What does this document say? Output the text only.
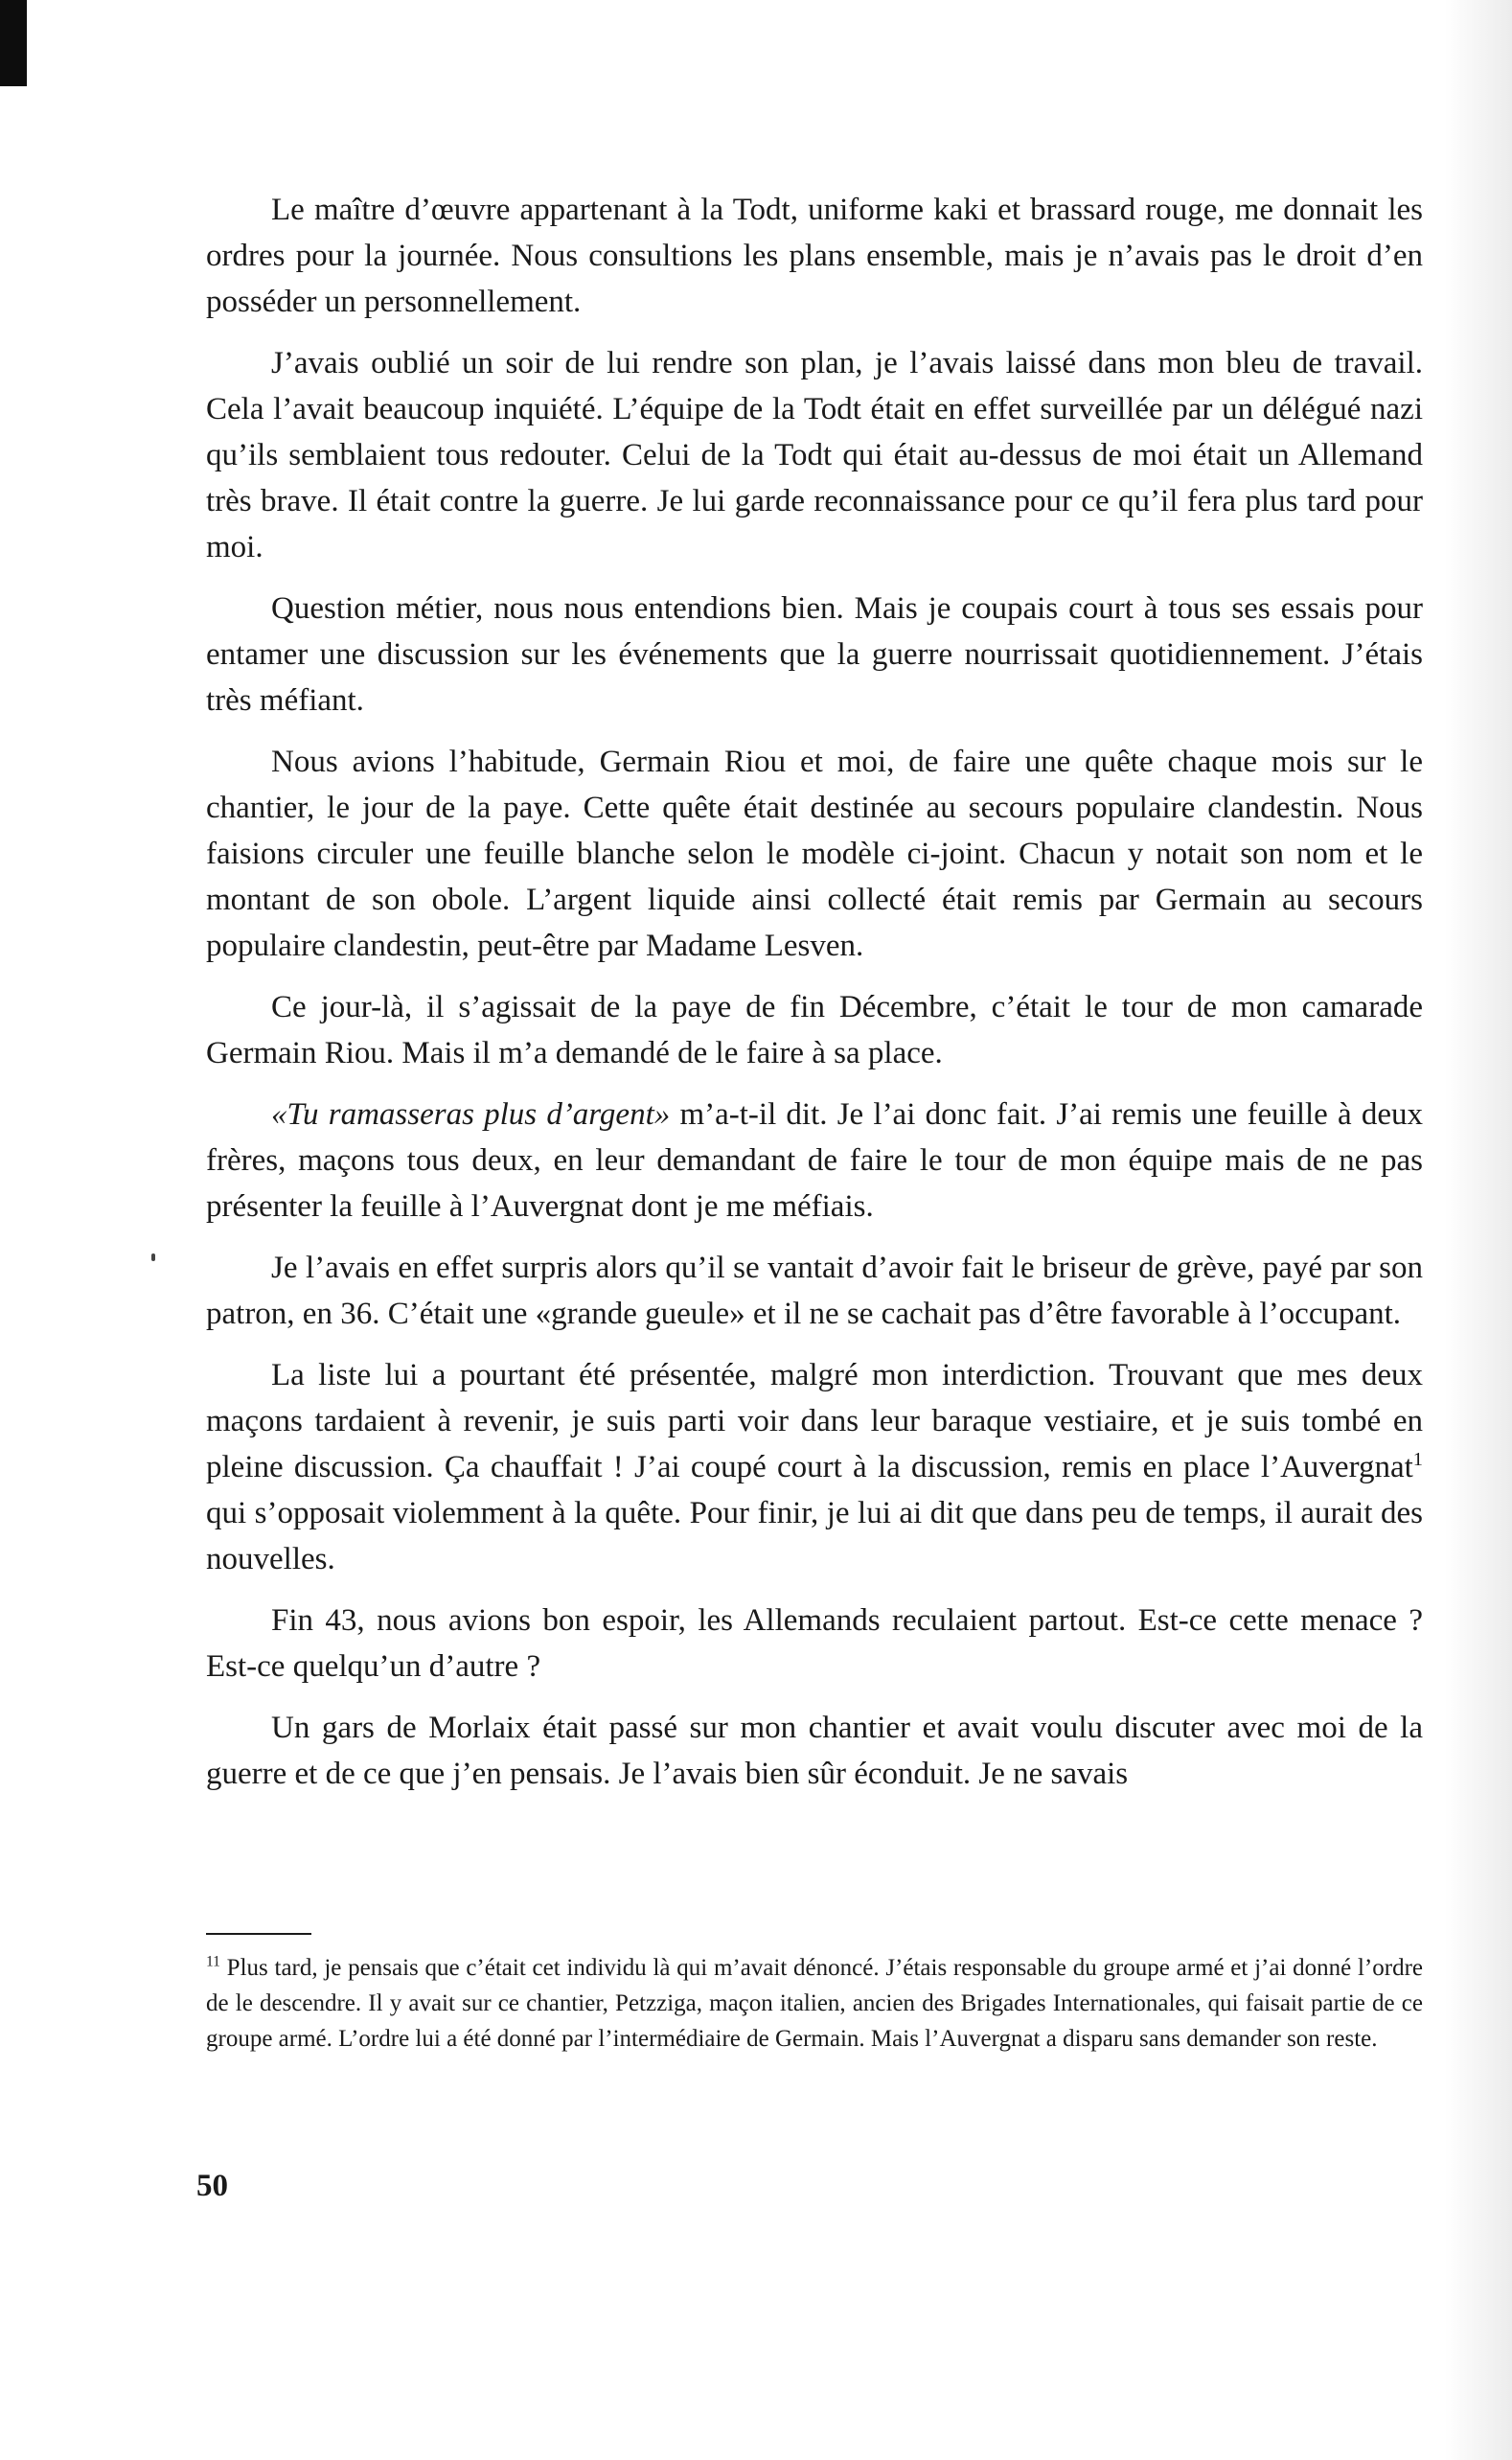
Le maître d’œuvre appartenant à la Todt, uniforme kaki et brassard rouge, me donnait les ordres pour la journée. Nous consultions les plans ensemble, mais je n’avais pas le droit d’en posséder un personnellement.

J’avais oublié un soir de lui rendre son plan, je l’avais laissé dans mon bleu de travail. Cela l’avait beaucoup inquiété. L’équipe de la Todt était en effet surveillée par un délégué nazi qu’ils semblaient tous redouter. Celui de la Todt qui était au-dessus de moi était un Allemand très brave. Il était contre la guerre. Je lui garde reconnaissance pour ce qu’il fera plus tard pour moi.

Question métier, nous nous entendions bien. Mais je coupais court à tous ses essais pour entamer une discussion sur les événements que la guerre nourrissait quotidiennement. J’étais très méfiant.

Nous avions l’habitude, Germain Riou et moi, de faire une quête chaque mois sur le chantier, le jour de la paye. Cette quête était destinée au secours populaire clandestin. Nous faisions circuler une feuille blanche selon le modèle ci-joint. Chacun y notait son nom et le montant de son obole. L’argent liquide ainsi collecté était remis par Germain au secours populaire clandestin, peut-être par Madame Lesven.

Ce jour-là, il s’agissait de la paye de fin Décembre, c’était le tour de mon camarade Germain Riou. Mais il m’a demandé de le faire à sa place.

«Tu ramasseras plus d’argent» m’a-t-il dit. Je l’ai donc fait. J’ai remis une feuille à deux frères, maçons tous deux, en leur demandant de faire le tour de mon équipe mais de ne pas présenter la feuille à l’Auvergnat dont je me méfiais.

Je l’avais en effet surpris alors qu’il se vantait d’avoir fait le briseur de grève, payé par son patron, en 36. C’était une «grande gueule» et il ne se cachait pas d’être favorable à l’occupant.

La liste lui a pourtant été présentée, malgré mon interdiction. Trouvant que mes deux maçons tardaient à revenir, je suis parti voir dans leur baraque vestiaire, et je suis tombé en pleine discussion. Ça chauffait ! J’ai coupé court à la discussion, remis en place l’Auvergnat$^1$ qui s’opposait violemment à la quête. Pour finir, je lui ai dit que dans peu de temps, il aurait des nouvelles.

Fin 43, nous avions bon espoir, les Allemands reculaient partout. Est-ce cette menace ? Est-ce quelqu’un d’autre ?

Un gars de Morlaix était passé sur mon chantier et avait voulu discuter avec moi de la guerre et de ce que j’en pensais. Je l’avais bien sûr éconduit. Je ne savais

$^{11}$ Plus tard, je pensais que c’était cet individu là qui m’avait dénoncé. J’étais responsable du groupe armé et j’ai donné l’ordre de le descendre. Il y avait sur ce chantier, Petzziga, maçon italien, ancien des Brigades Internationales, qui faisait partie de ce groupe armé. L’ordre lui a été donné par l’intermédiaire de Germain. Mais l’Auvergnat a disparu sans demander son reste.

50
